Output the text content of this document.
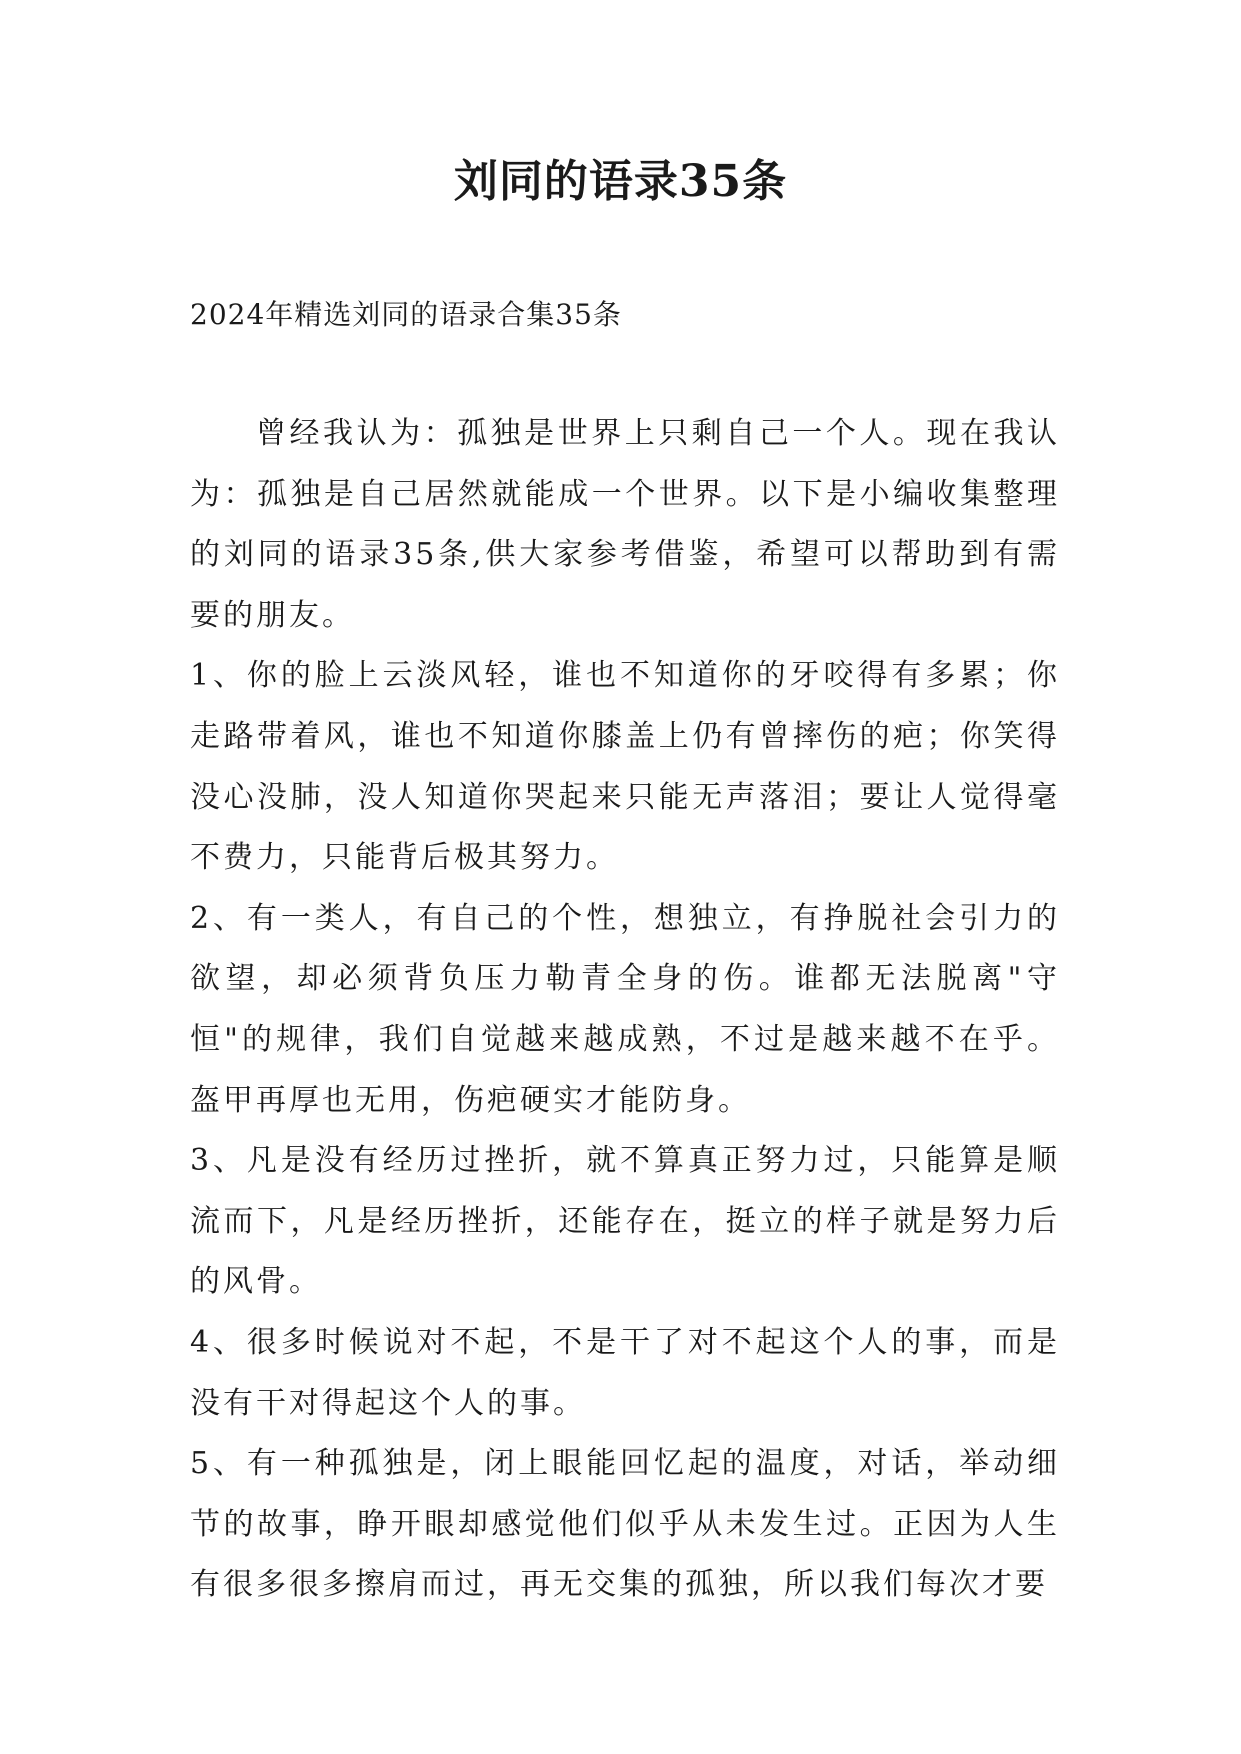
刘同的语录35条
2024年精选刘同的语录合集35条

曾经我认为：孤独是世界上只剩自己一个人。现在我认为：孤独是自己居然就能成一个世界。以下是小编收集整理的刘同的语录35条,供大家参考借鉴，希望可以帮助到有需要的朋友。

1、你的脸上云淡风轻，谁也不知道你的牙咬得有多累；你走路带着风，谁也不知道你膝盖上仍有曾摔伤的疤；你笑得没心没肺，没人知道你哭起来只能无声落泪；要让人觉得毫不费力，只能背后极其努力。

2、有一类人，有自己的个性，想独立，有挣脱社会引力的欲望，却必须背负压力勒青全身的伤。谁都无法脱离"守恒"的规律，我们自觉越来越成熟，不过是越来越不在乎。盔甲再厚也无用，伤疤硬实才能防身。

3、凡是没有经历过挫折，就不算真正努力过，只能算是顺流而下，凡是经历挫折，还能存在，挺立的样子就是努力后的风骨。

4、很多时候说对不起，不是干了对不起这个人的事，而是没有干对得起这个人的事。

5、有一种孤独是，闭上眼能回忆起的温度，对话，举动细节的故事，睁开眼却感觉他们似乎从未发生过。正因为人生有很多很多擦肩而过，再无交集的孤独，所以我们每次才要
